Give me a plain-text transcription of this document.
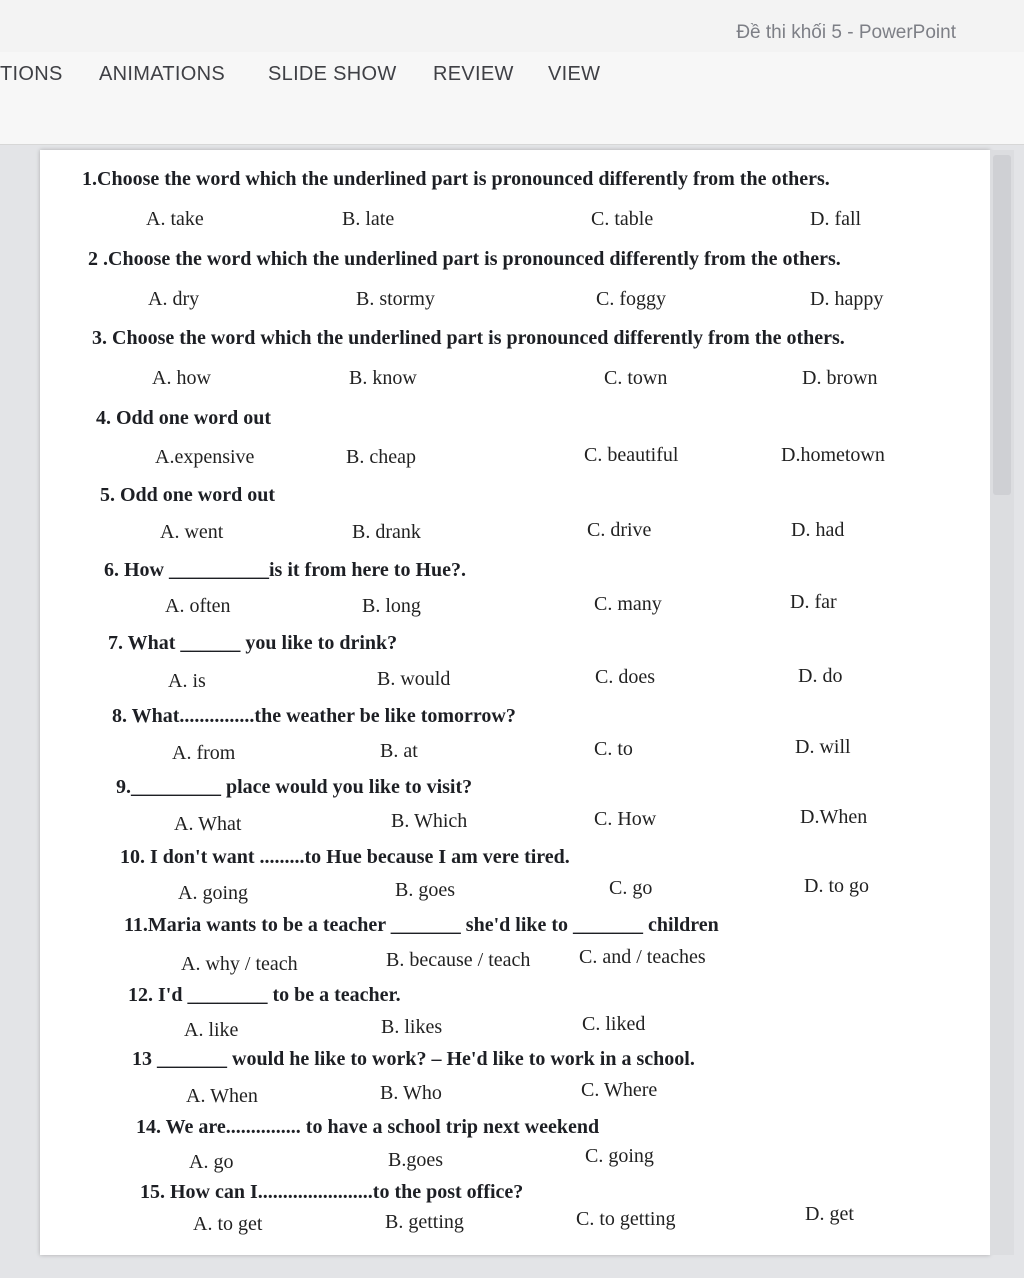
Đề thi khối 5 - PowerPoint
TIONS ANIMATIONS SLIDE SHOW REVIEW VIEW
1.Choose the word which the underlined part is pronounced differently from the others.
A. take	B. late	C. table	D. fall
2 .Choose the word which the underlined part is pronounced differently from the others.
A. dry	B. stormy	C. foggy	D. happy
3. Choose the word which the underlined part is pronounced differently from the others.
A. how	B. know	C. town	D. brown
4. Odd one word out
A.expensive	B. cheap	C. beautiful	D.hometown
5. Odd one word out
A. went	B. drank	C. drive	D. had
6. How __________is it from here to Hue?.
A. often	B. long	C. many	D. far
7. What ______ you like to drink?
A. is	B. would	C. does	D. do
8. What...............the weather be like tomorrow?
A. from	B. at	C. to	D. will
9._________ place would you like to visit?
A. What	B. Which	C. How	D.When
10. I don't want .........to Hue because I am vere tired.
A. going	B. goes	C. go	D. to go
11.Maria wants to be a teacher _______ she'd like to _______ children
A. why / teach	B. because / teach C. and / teaches
12. I'd ________ to be a teacher.
A. like	B. likes	C. liked
13 _______ would he like to work? – He'd like to work in a school.
A. When	B. Who	C. Where
14. We are............... to have a school trip next weekend
A. go	B.goes	C. going
15. How can I.......................to the post office?
A. to get	B. getting	C. to getting	D. get
